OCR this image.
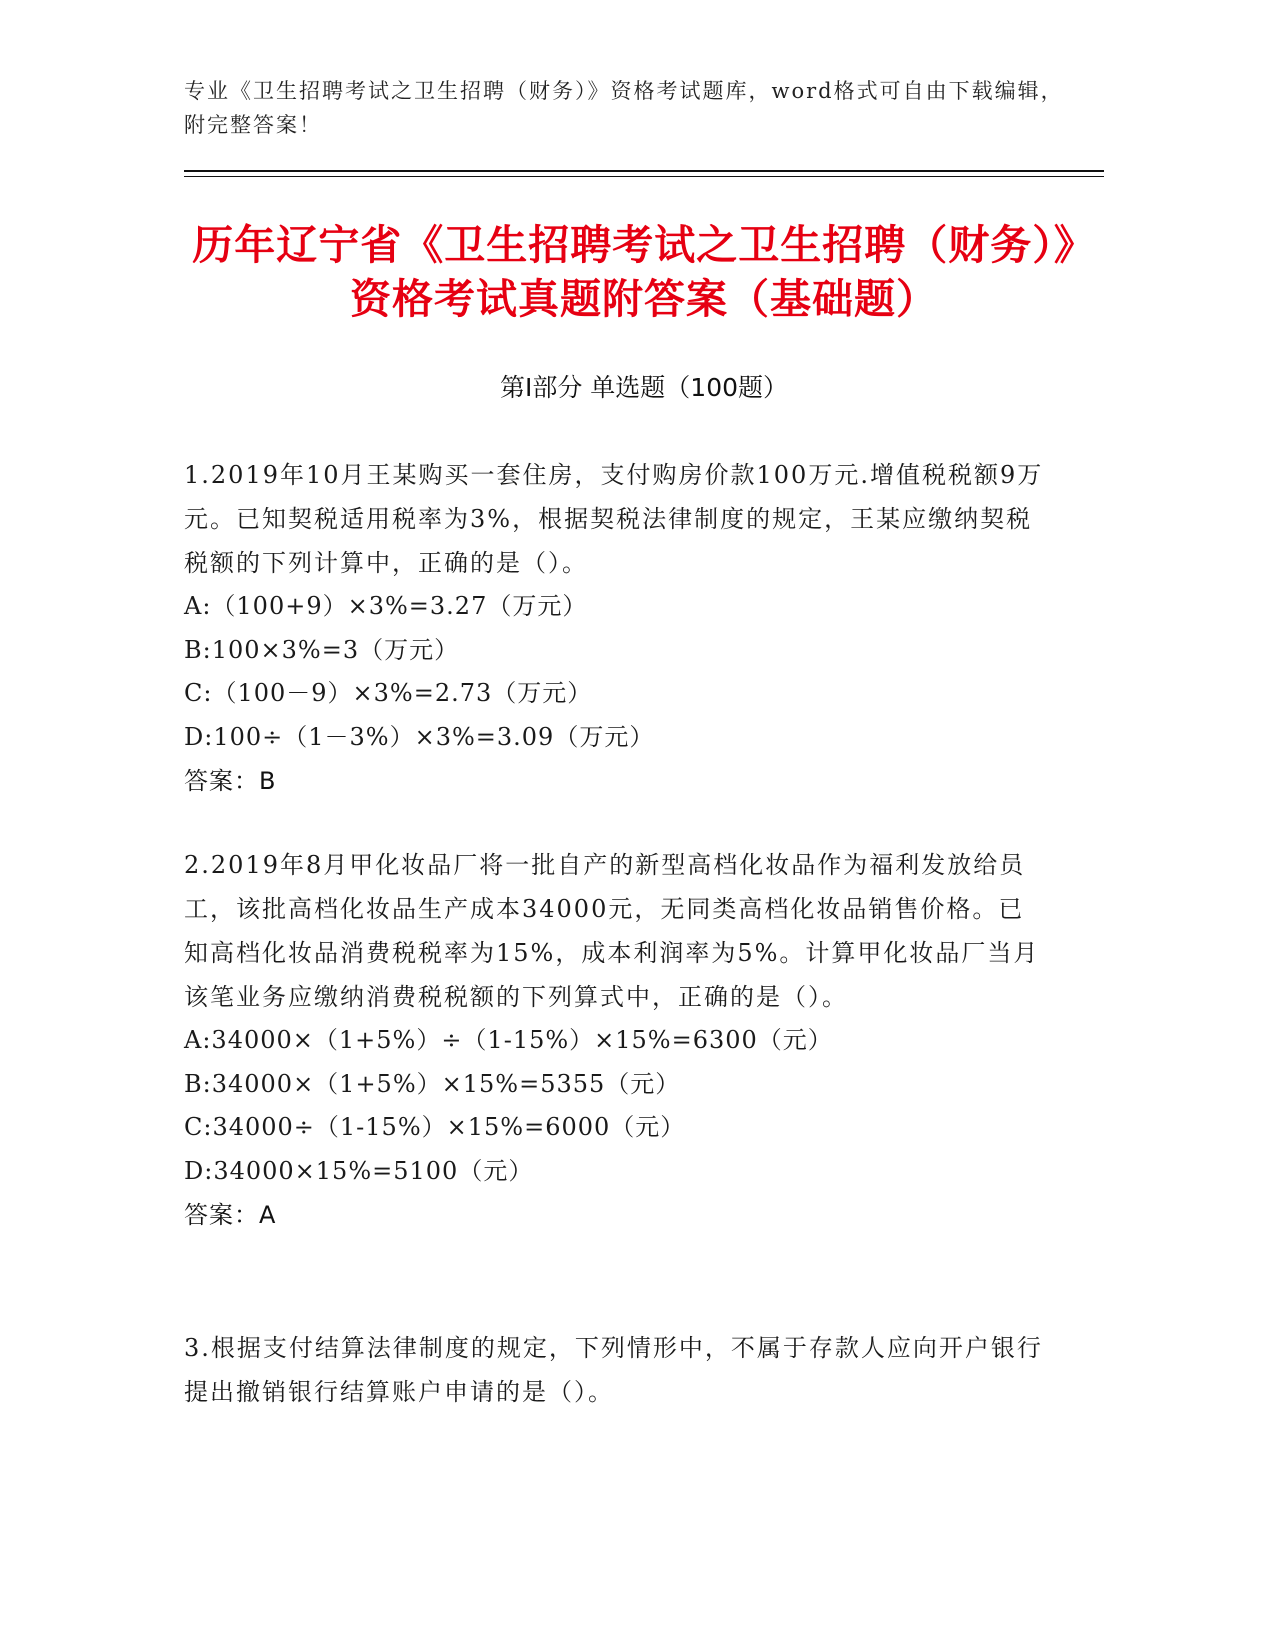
专业《卫生招聘考试之卫生招聘（财务）》资格考试题库，word格式可自由下载编辑，附完整答案！
历年辽宁省《卫生招聘考试之卫生招聘（财务）》资格考试真题附答案（基础题）
第I部分 单选题（100题）

1.2019年10月王某购买一套住房，支付购房价款100万元.增值税税额9万元。已知契税适用税率为3%，根据契税法律制度的规定，王某应缴纳契税税额的下列计算中，正确的是（）。

A:（100+9）×3%=3.27（万元）
B:100×3%=3（万元）
C:（100－9）×3%=2.73（万元）
D:100÷（1－3%）×3%=3.09（万元）
答案：B

2.2019年8月甲化妆品厂将一批自产的新型高档化妆品作为福利发放给员工，该批高档化妆品生产成本34000元，无同类高档化妆品销售价格。已知高档化妆品消费税税率为15%，成本利润率为5%。计算甲化妆品厂当月该笔业务应缴纳消费税税额的下列算式中，正确的是（）。

A:34000×（1+5%）÷（1-15%）×15%=6300（元）
B:34000×（1+5%）×15%=5355（元）
C:34000÷（1-15%）×15%=6000（元）
D:34000×15%=5100（元）
答案：A

3.根据支付结算法律制度的规定，下列情形中，不属于存款人应向开户银行提出撤销银行结算账户申请的是（）。
